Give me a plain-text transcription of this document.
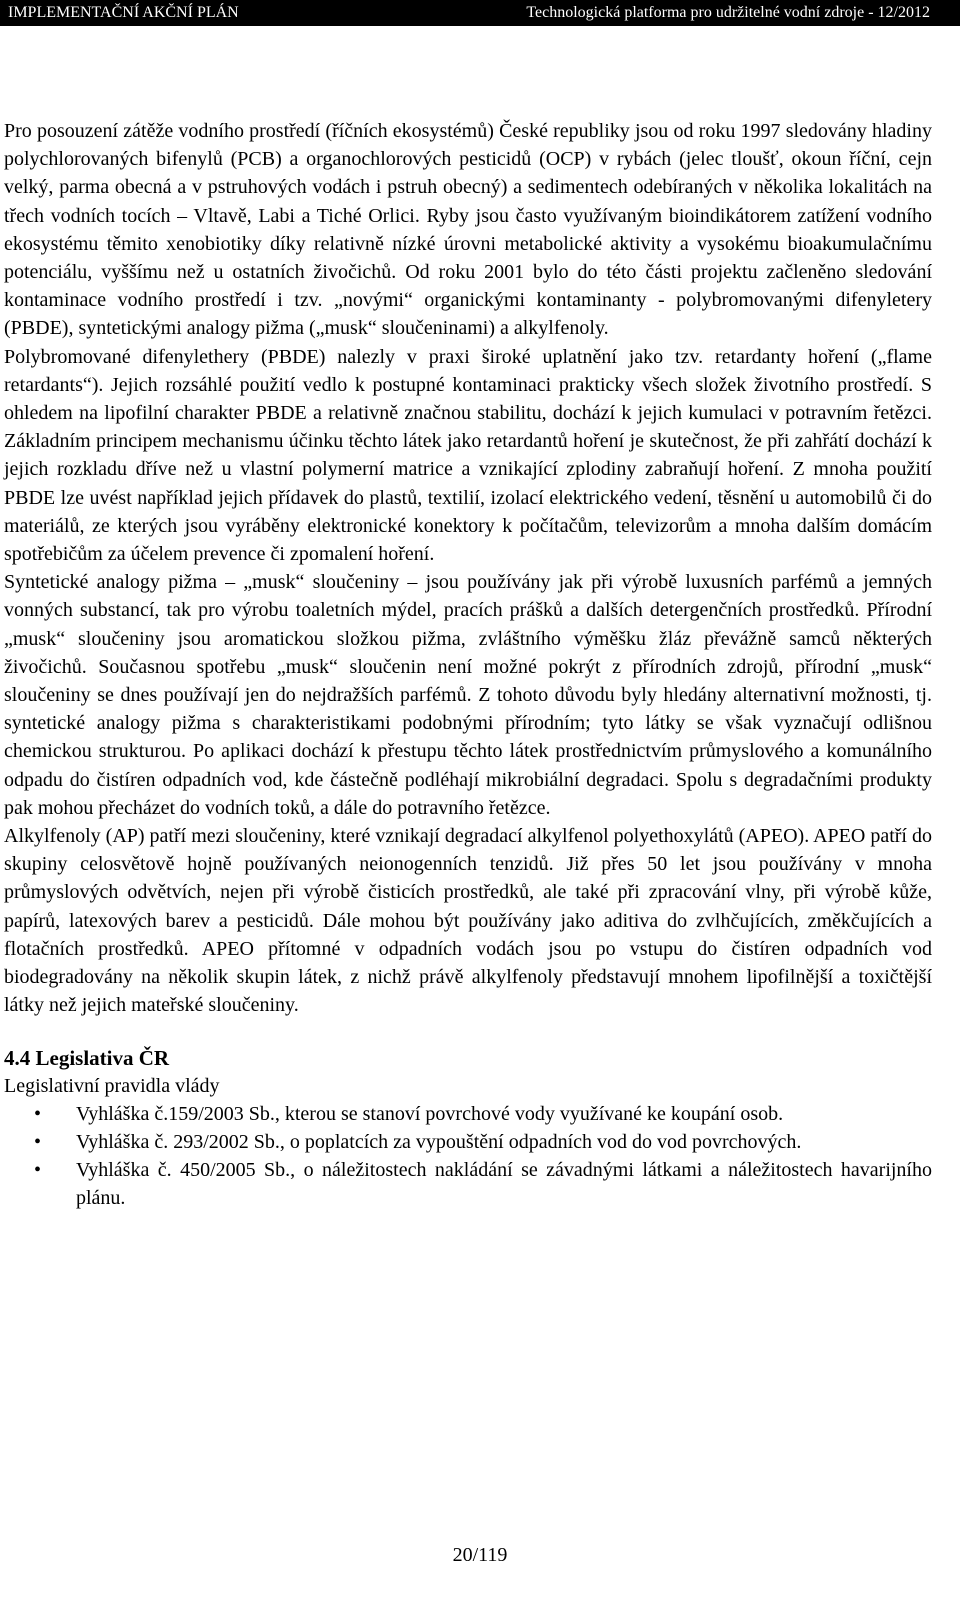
IMPLEMENTAČNÍ AKČNÍ PLÁN	Technologická platforma pro udržitelné vodní zdroje - 12/2012

Pro posouzení zátěže vodního prostředí (říčních ekosystémů) České republiky jsou od roku 1997 sledovány hladiny polychlorovaných bifenylů (PCB) a organochlorových pesticidů (OCP) v rybách (jelec tloušť, okoun říční, cejn velký, parma obecná a v pstruhových vodách i pstruh obecný) a sedimentech odebíraných v několika lokalitách na třech vodních tocích – Vltavě, Labi a Tiché Orlici. Ryby jsou často využívaným bioindikátorem zatížení vodního ekosystému těmito xenobiotiky díky relativně nízké úrovni metabolické aktivity a vysokému bioakumulačnímu potenciálu, vyššímu než u ostatních živočichů. Od roku 2001 bylo do této části projektu začleněno sledování kontaminace vodního prostředí i tzv. „novými“ organickými kontaminanty - polybromovanými difenyletery (PBDE), syntetickými analogy pižma („musk“ sloučeninami) a alkylfenoly.

Polybromované difenylethery (PBDE) nalezly v praxi široké uplatnění jako tzv. retardanty hoření („flame retardants“). Jejich rozsáhlé použití vedlo k postupné kontaminaci prakticky všech složek životního prostředí. S ohledem na lipofilní charakter PBDE a relativně značnou stabilitu, dochází k jejich kumulaci v potravním řetězci. Základním principem mechanismu účinku těchto látek jako retardantů hoření je skutečnost, že při zahřátí dochází k jejich rozkladu dříve než u vlastní polymerní matrice a vznikající zplodiny zabraňují hoření. Z mnoha použití PBDE lze uvést například jejich přídavek do plastů, textilií, izolací elektrického vedení, těsnění u automobilů či do materiálů, ze kterých jsou vyráběny elektronické konektory k počítačům, televizorům a mnoha dalším domácím spotřebičům za účelem prevence či zpomalení hoření.

Syntetické analogy pižma – „musk“ sloučeniny – jsou používány jak při výrobě luxusních parfémů a jemných vonných substancí, tak pro výrobu toaletních mýdel, pracích prášků a dalších detergenčních prostředků. Přírodní „musk“ sloučeniny jsou aromatickou složkou pižma, zvláštního výměšku žláz převážně samců některých živočichů. Současnou spotřebu „musk“ sloučenin není možné pokrýt z přírodních zdrojů, přírodní „musk“ sloučeniny se dnes používají jen do nejdražších parfémů. Z tohoto důvodu byly hledány alternativní možnosti, tj. syntetické analogy pižma s charakteristikami podobnými přírodním; tyto látky se však vyznačují odlišnou chemickou strukturou. Po aplikaci dochází k přestupu těchto látek prostřednictvím průmyslového a komunálního odpadu do čistíren odpadních vod, kde částečně podléhají mikrobiální degradaci. Spolu s degradačními produkty pak mohou přecházet do vodních toků, a dále do potravního řetězce.

Alkylfenoly (AP) patří mezi sloučeniny, které vznikají degradací alkylfenol polyethoxylátů (APEO). APEO patří do skupiny celosvětově hojně používaných neionogenních tenzidů. Již přes 50 let jsou používány v mnoha průmyslových odvětvích, nejen při výrobě čisticích prostředků, ale také při zpracování vlny, při výrobě kůže, papírů, latexových barev a pesticidů. Dále mohou být používány jako aditiva do zvlhčujících, změkčujících a flotačních prostředků. APEO přítomné v odpadních vodách jsou po vstupu do čistíren odpadních vod biodegradovány na několik skupin látek, z nichž právě alkylfenoly představují mnohem lipofilnější a toxičtější látky než jejich mateřské sloučeniny.

4.4 Legislativa ČR
Legislativní pravidla vlády
• Vyhláška č.159/2003 Sb., kterou se stanoví povrchové vody využívané ke koupání osob.
• Vyhláška č. 293/2002 Sb., o poplatcích za vypouštění odpadních vod do vod povrchových.
• Vyhláška č. 450/2005 Sb., o náležitostech nakládání se závadnými látkami a náležitostech havarijního plánu.
20/119
